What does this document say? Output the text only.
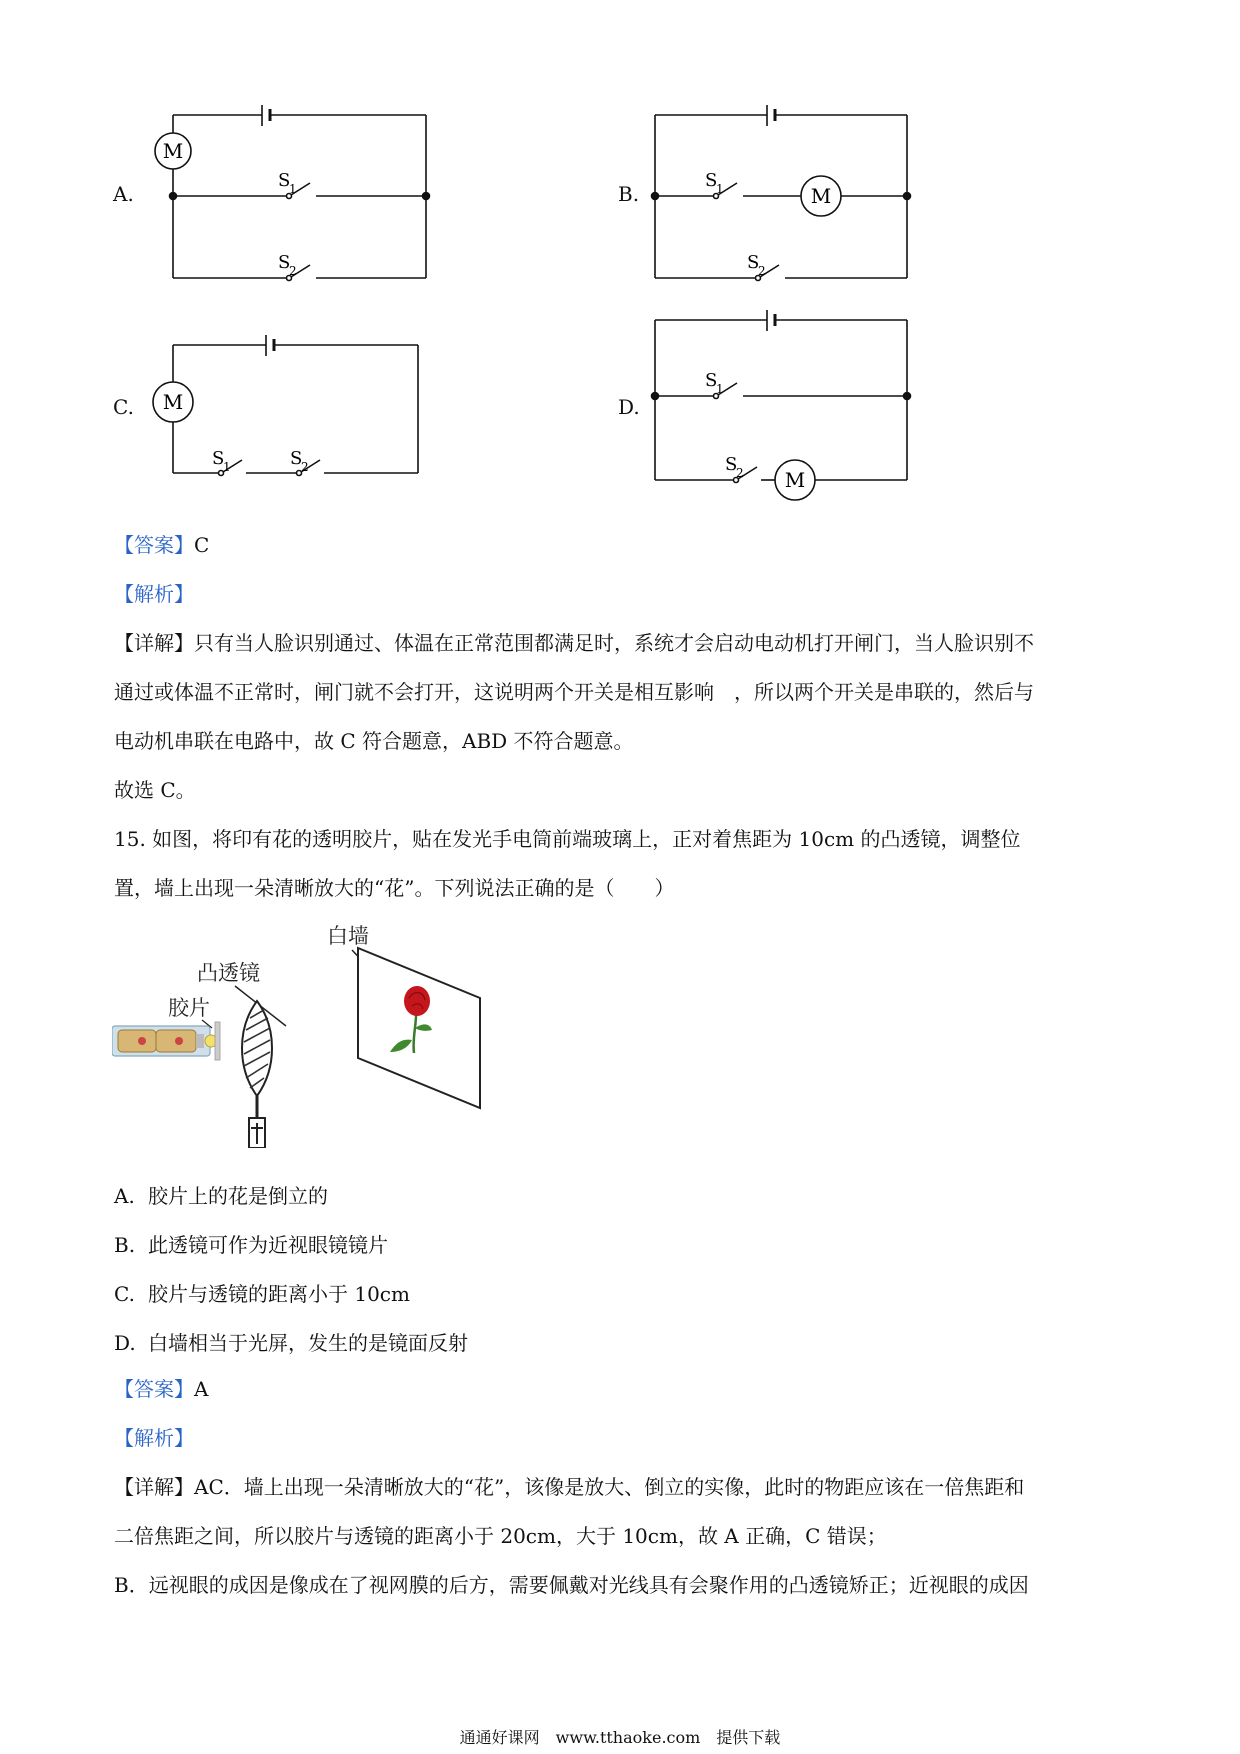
A.
M
S
1
S
2
B.	M
S
1
S
2
C. M
S
1	S
2
D.
M
S
1
S
2
【答案】C
【解析】
【详解】只有当人脸识别通过、体温在正常范围都满足时，系统才会启动电动机打开闸门，当人脸识别不
通过或体温不正常时，闸门就不会打开，这说明两个开关是相互影响　，所以两个开关是串联的，然后与
电动机串联在电路中，故 C 符合题意，ABD 不符合题意。
故选 C。
15. 如图，将印有花的透明胶片，贴在发光手电筒前端玻璃上，正对着焦距为 10cm 的凸透镜，调整位
置，墙上出现一朵清晰放大的“花”。下列说法正确的是（　　）
白墙
凸透镜
胶片
A. 胶片上的花是倒立的
B. 此透镜可作为近视眼镜镜片
C. 胶片与透镜的距离小于 10cm
D. 白墙相当于光屏，发生的是镜面反射
【答案】A
【解析】
【详解】AC．墙上出现一朵清晰放大的“花”，该像是放大、倒立的实像，此时的物距应该在一倍焦距和
二倍焦距之间，所以胶片与透镜的距离小于 20cm，大于 10cm，故 A 正确，C 错误；
B．远视眼的成因是像成在了视网膜的后方，需要佩戴对光线具有会聚作用的凸透镜矫正；近视眼的成因
通通好课网　www.tthaoke.com　提供下载
